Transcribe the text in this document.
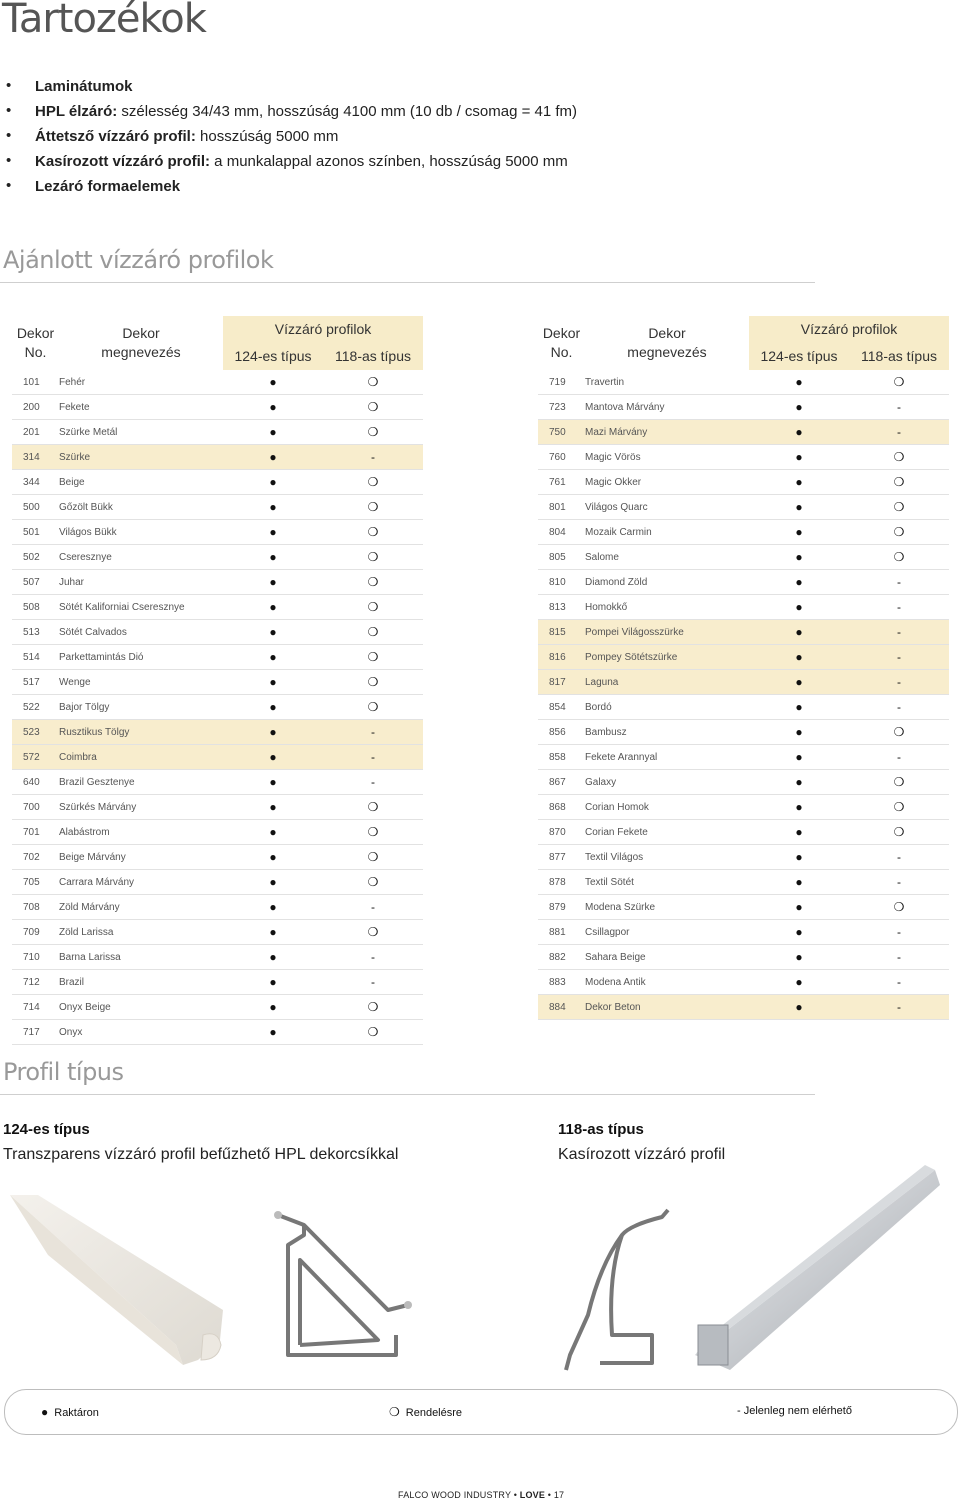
Tartozékok
• Laminátumok
• HPL élzáró: szélesség 34/43 mm, hosszúság 4100 mm (10 db / csomag = 41 fm)
• Áttetsző vízzáró profil: hosszúság 5000 mm
• Kasírozott vízzáró profil: a munkalappal azonos színben, hosszúság 5000 mm
• Lezáró formaelemek
Ajánlott vízzáró profilok
Dekor
No.	Dekor
megnevezés	Vízzáró profilok	
		124-es típus	118-as típus
101	Fehér	●	❍
200	Fekete	●	❍
201	Szürke Metál	●	❍
314	Szürke	●	-
344	Beige	●	❍
500	Gőzölt Bükk	●	❍
501	Világos Bükk	●	❍
502	Cseresznye	●	❍
507	Juhar	●	❍
508	Sötét Kaliforniai Cseresznye	●	❍
513	Sötét Calvados	●	❍
514	Parkettamintás Dió	●	❍
517	Wenge	●	❍
522	Bajor Tölgy	●	❍
523	Rusztikus Tölgy	●	-
572	Coimbra	●	-
640	Brazil Gesztenye	●	-
700	Szürkés Márvány	●	❍
701	Alabástrom	●	❍
702	Beige Márvány	●	❍
705	Carrara Márvány	●	❍
708	Zöld Márvány	●	-
709	Zöld Larissa	●	❍
710	Barna Larissa	●	-
712	Brazil	●	-
714	Onyx Beige	●	❍
717	Onyx	●	❍
Dekor
No.	Dekor
megnevezés	Vízzáró profilok	
		124-es típus	118-as típus
719	Travertin	●	❍
723	Mantova Márvány	●	-
750	Mazi Márvány	●	-
760	Magic Vörös	●	❍
761	Magic Okker	●	❍
801	Világos Quarc	●	❍
804	Mozaik Carmin	●	❍
805	Salome	●	❍
810	Diamond Zöld	●	-
813	Homokkő	●	-
815	Pompei Világosszürke	●	-
816	Pompey Sötétszürke	●	-
817	Laguna	●	-
854	Bordó	●	-
856	Bambusz	●	❍
858	Fekete Arannyal	●	-
867	Galaxy	●	❍
868	Corian Homok	●	❍
870	Corian Fekete	●	❍
877	Textil Világos	●	-
878	Textil Sötét	●	-
879	Modena Szürke	●	❍
881	Csillagpor	●	-
882	Sahara Beige	●	-
883	Modena Antik	●	-
884	Dekor Beton	●	-
Profil típus
124-es típus
Transzparens vízzáró profil befűzhető HPL dekorcsíkkal
118-as típus
Kasírozott vízzáró profil
● Raktáron	❍ Rendelésre	- Jelenleg nem elérhető
FALCO WOOD INDUSTRY • LOVE • 17
